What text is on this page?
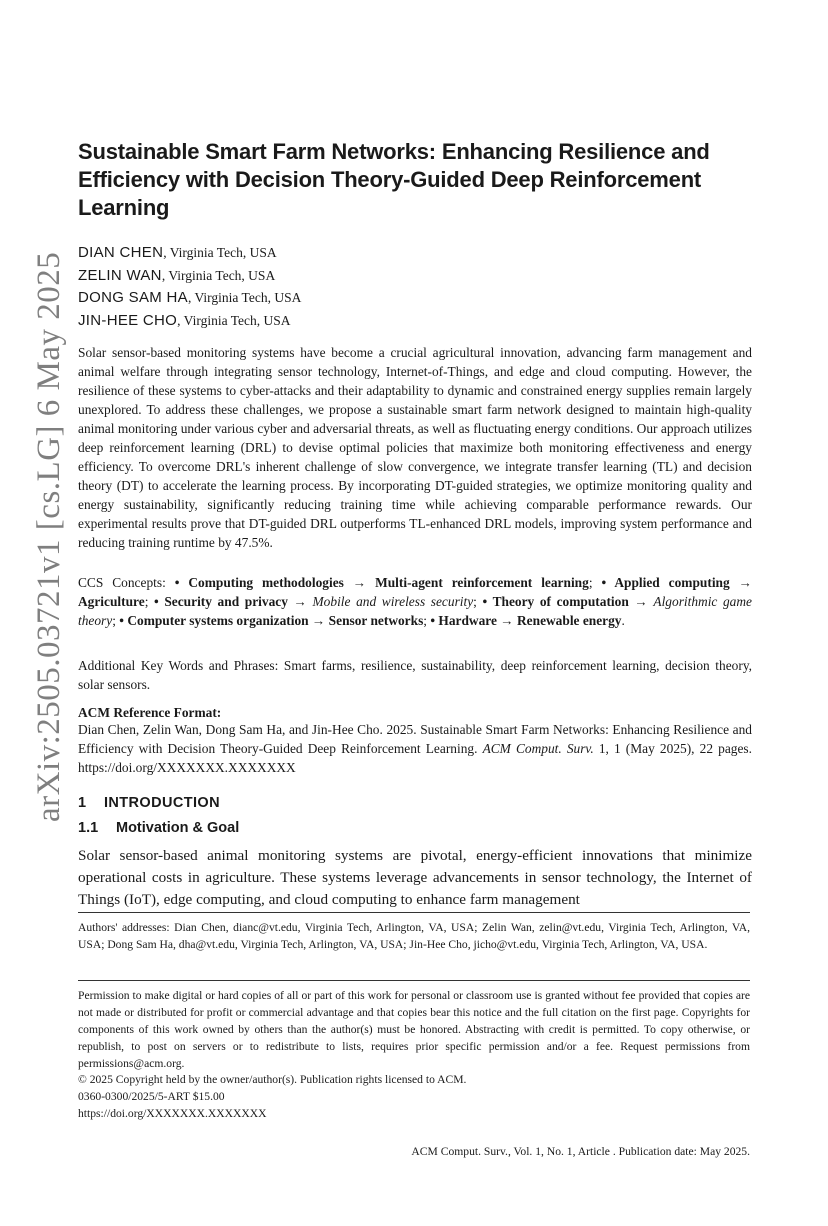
arXiv:2505.03721v1 [cs.LG] 6 May 2025
Sustainable Smart Farm Networks: Enhancing Resilience and Efficiency with Decision Theory-Guided Deep Reinforcement Learning
DIAN CHEN, Virginia Tech, USA
ZELIN WAN, Virginia Tech, USA
DONG SAM HA, Virginia Tech, USA
JIN-HEE CHO, Virginia Tech, USA
Solar sensor-based monitoring systems have become a crucial agricultural innovation, advancing farm management and animal welfare through integrating sensor technology, Internet-of-Things, and edge and cloud computing. However, the resilience of these systems to cyber-attacks and their adaptability to dynamic and constrained energy supplies remain largely unexplored. To address these challenges, we propose a sustainable smart farm network designed to maintain high-quality animal monitoring under various cyber and adversarial threats, as well as fluctuating energy conditions. Our approach utilizes deep reinforcement learning (DRL) to devise optimal policies that maximize both monitoring effectiveness and energy efficiency. To overcome DRL's inherent challenge of slow convergence, we integrate transfer learning (TL) and decision theory (DT) to accelerate the learning process. By incorporating DT-guided strategies, we optimize monitoring quality and energy sustainability, significantly reducing training time while achieving comparable performance rewards. Our experimental results prove that DT-guided DRL outperforms TL-enhanced DRL models, improving system performance and reducing training runtime by 47.5%.
CCS Concepts: • Computing methodologies → Multi-agent reinforcement learning; • Applied computing → Agriculture; • Security and privacy → Mobile and wireless security; • Theory of computation → Algorithmic game theory; • Computer systems organization → Sensor networks; • Hardware → Renewable energy.
Additional Key Words and Phrases: Smart farms, resilience, sustainability, deep reinforcement learning, decision theory, solar sensors.
ACM Reference Format:
Dian Chen, Zelin Wan, Dong Sam Ha, and Jin-Hee Cho. 2025. Sustainable Smart Farm Networks: Enhancing Resilience and Efficiency with Decision Theory-Guided Deep Reinforcement Learning. ACM Comput. Surv. 1, 1 (May 2025), 22 pages. https://doi.org/XXXXXXX.XXXXXXX
1 INTRODUCTION
1.1 Motivation & Goal
Solar sensor-based animal monitoring systems are pivotal, energy-efficient innovations that minimize operational costs in agriculture. These systems leverage advancements in sensor technology, the Internet of Things (IoT), edge computing, and cloud computing to enhance farm management
Authors' addresses: Dian Chen, dianc@vt.edu, Virginia Tech, Arlington, VA, USA; Zelin Wan, zelin@vt.edu, Virginia Tech, Arlington, VA, USA; Dong Sam Ha, dha@vt.edu, Virginia Tech, Arlington, VA, USA; Jin-Hee Cho, jicho@vt.edu, Virginia Tech, Arlington, VA, USA.
Permission to make digital or hard copies of all or part of this work for personal or classroom use is granted without fee provided that copies are not made or distributed for profit or commercial advantage and that copies bear this notice and the full citation on the first page. Copyrights for components of this work owned by others than the author(s) must be honored. Abstracting with credit is permitted. To copy otherwise, or republish, to post on servers or to redistribute to lists, requires prior specific permission and/or a fee. Request permissions from permissions@acm.org.
© 2025 Copyright held by the owner/author(s). Publication rights licensed to ACM.
0360-0300/2025/5-ART $15.00
https://doi.org/XXXXXXX.XXXXXXX
ACM Comput. Surv., Vol. 1, No. 1, Article . Publication date: May 2025.
